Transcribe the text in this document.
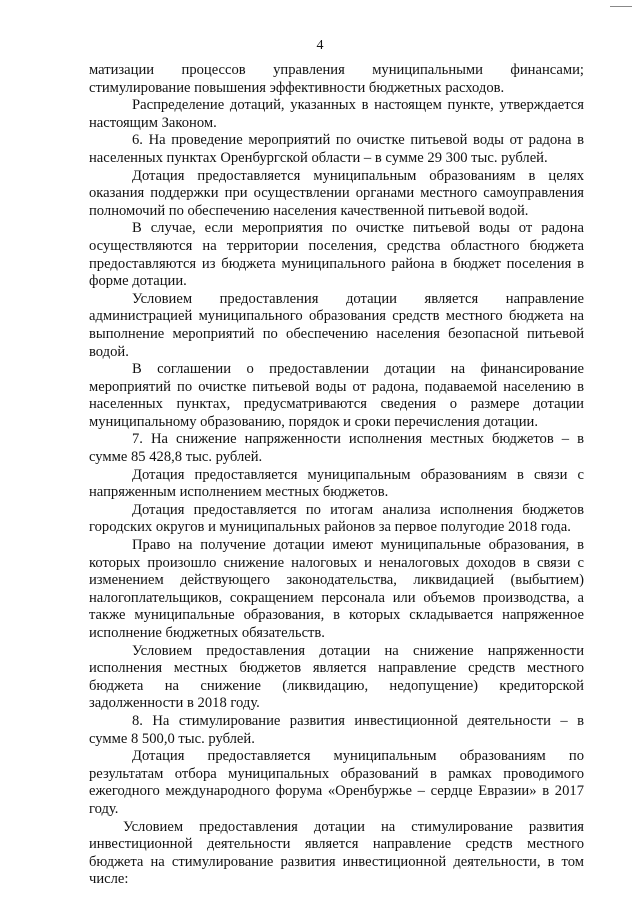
4

матизации процессов управления муниципальными финансами; стимулирование повышения эффективности бюджетных расходов.

Распределение дотаций, указанных в настоящем пункте, утверждается настоящим Законом.

6. На проведение мероприятий по очистке питьевой воды от радона в населенных пунктах Оренбургской области – в сумме 29 300 тыс. рублей.

Дотация предоставляется муниципальным образованиям в целях оказания поддержки при осуществлении органами местного самоуправления полномочий по обеспечению населения качественной питьевой водой.

В случае, если мероприятия по очистке питьевой воды от радона осуществляются на территории поселения, средства областного бюджета предоставляются из бюджета муниципального района в бюджет поселения в форме дотации.

Условием предоставления дотации является направление администрацией муниципального образования средств местного бюджета на выполнение мероприятий по обеспечению населения безопасной питьевой водой.

В соглашении о предоставлении дотации на финансирование мероприятий по очистке питьевой воды от радона, подаваемой населению в населенных пунктах, предусматриваются сведения о размере дотации муниципальному образованию, порядок и сроки перечисления дотации.

7. На снижение напряженности исполнения местных бюджетов – в сумме 85 428,8 тыс. рублей.

Дотация предоставляется муниципальным образованиям в связи с напряженным исполнением местных бюджетов.

Дотация предоставляется по итогам анализа исполнения бюджетов городских округов и муниципальных районов за первое полугодие 2018 года.

Право на получение дотации имеют муниципальные образования, в которых произошло снижение налоговых и неналоговых доходов в связи с изменением действующего законодательства, ликвидацией (выбытием) налогоплательщиков, сокращением персонала или объемов производства, а также муниципальные образования, в которых складывается напряженное исполнение бюджетных обязательств.

Условием предоставления дотации на снижение напряженности исполнения местных бюджетов является направление средств местного бюджета на снижение (ликвидацию, недопущение) кредиторской задолженности в 2018 году.

8. На стимулирование развития инвестиционной деятельности – в сумме 8 500,0 тыс. рублей.

Дотация предоставляется муниципальным образованиям по результатам отбора муниципальных образований в рамках проводимого ежегодного международного форума «Оренбуржье – сердце Евразии» в 2017 году.

Условием предоставления дотации на стимулирование развития инвестиционной деятельности является направление средств местного бюджета на стимулирование развития инвестиционной деятельности, в том числе:
